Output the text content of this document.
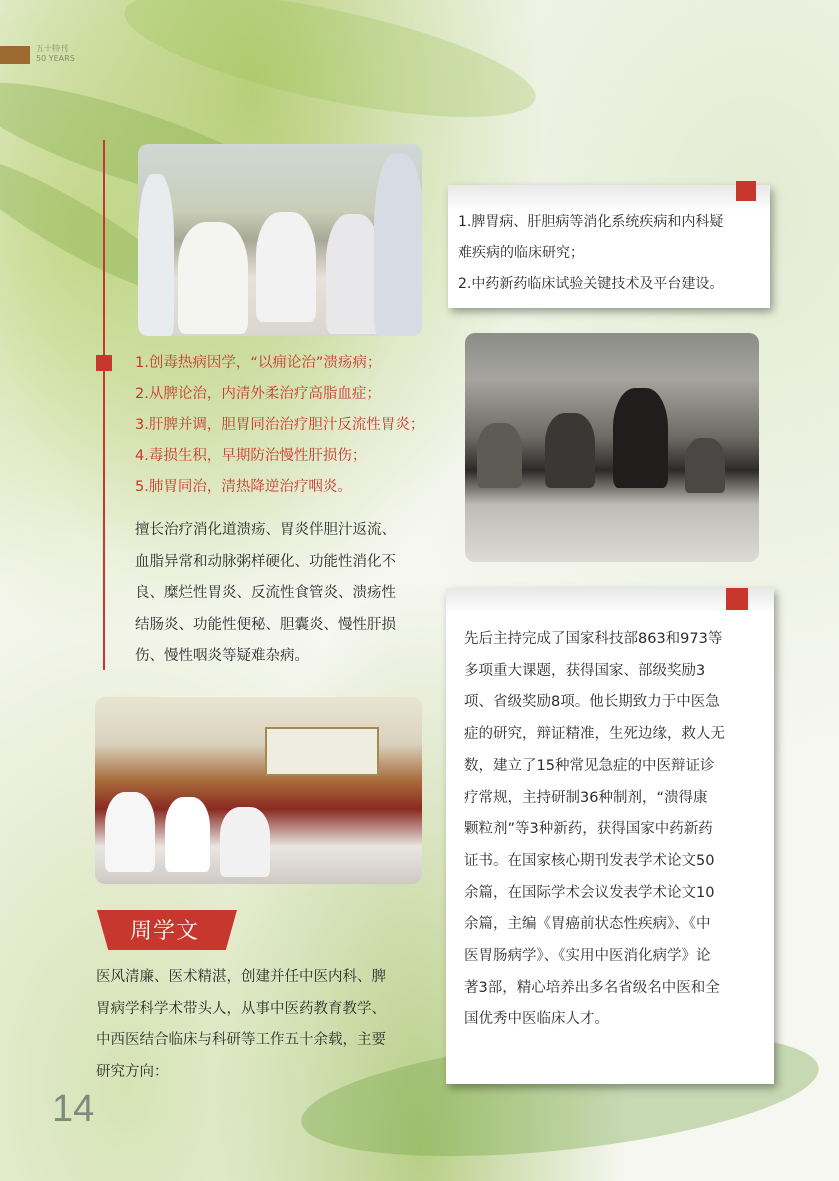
五十特刊
50 YEARS
1.创毒热病因学，“以痈论治”溃疡病；
2.从脾论治，内清外柔治疗高脂血症；
3.肝脾并调，胆胃同治治疗胆汁反流性胃炎；
4.毒损生积，早期防治慢性肝损伤；
5.肺胃同治，清热降逆治疗咽炎。
擅长治疗消化道溃疡、胃炎伴胆汁返流、
血脂异常和动脉粥样硬化、功能性消化不
良、糜烂性胃炎、反流性食管炎、溃疡性
结肠炎、功能性便秘、胆囊炎、慢性肝损
伤、慢性咽炎等疑难杂病。
周学文
医风清廉、医术精湛，创建并任中医内科、脾
胃病学科学术带头人，从事中医药教育教学、
中西医结合临床与科研等工作五十余载，主要
研究方向：
1.脾胃病、肝胆病等消化系统疾病和内科疑
难疾病的临床研究；
2.中药新药临床试验关键技术及平台建设。
先后主持完成了国家科技部863和973等
多项重大课题，获得国家、部级奖励3
项、省级奖励8项。他长期致力于中医急
症的研究，辩证精准，生死边缘，救人无
数，建立了15种常见急症的中医辩证诊
疗常规，主持研制36种制剂，“溃得康
颗粒剂”等3种新药，获得国家中药新药
证书。在国家核心期刊发表学术论文50
余篇，在国际学术会议发表学术论文10
余篇，主编《胃癌前状态性疾病》、《中
医胃肠病学》、《实用中医消化病学》论
著3部，精心培养出多名省级名中医和全
国优秀中医临床人才。
14
